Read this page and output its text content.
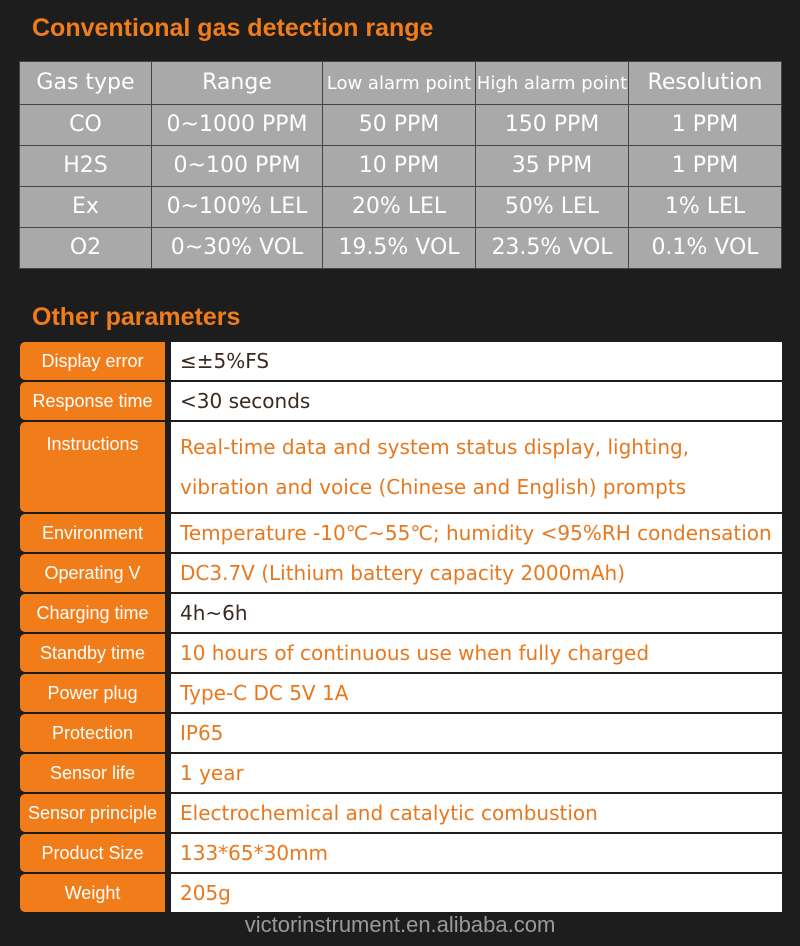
Conventional gas detection range
Gas type	Range	Low alarm point	High alarm point	Resolution
CO	0~1000 PPM	50 PPM	150 PPM	1 PPM
H2S	0~100 PPM	10 PPM	35 PPM	1 PPM
Ex	0~100% LEL	20% LEL	50% LEL	1% LEL
O2	0~30% VOL	19.5% VOL	23.5% VOL	0.1% VOL
Other parameters
Display error		≤±5%FS
Response time		<30 seconds
Instructions		Real-time data and system status display, lighting, vibration and voice (Chinese and English) prompts
Environment		Temperature -10℃~55℃; humidity <95%RH condensation
Operating V		DC3.7V (Lithium battery capacity 2000mAh)
Charging time		4h~6h
Standby time		10 hours of continuous use when fully charged
Power plug		Type-C DC 5V 1A
Protection		IP65
Sensor life		1 year
Sensor principle		Electrochemical and catalytic combustion
Product Size		133*65*30mm
Weight		205g
victorinstrument.en.alibaba.com
